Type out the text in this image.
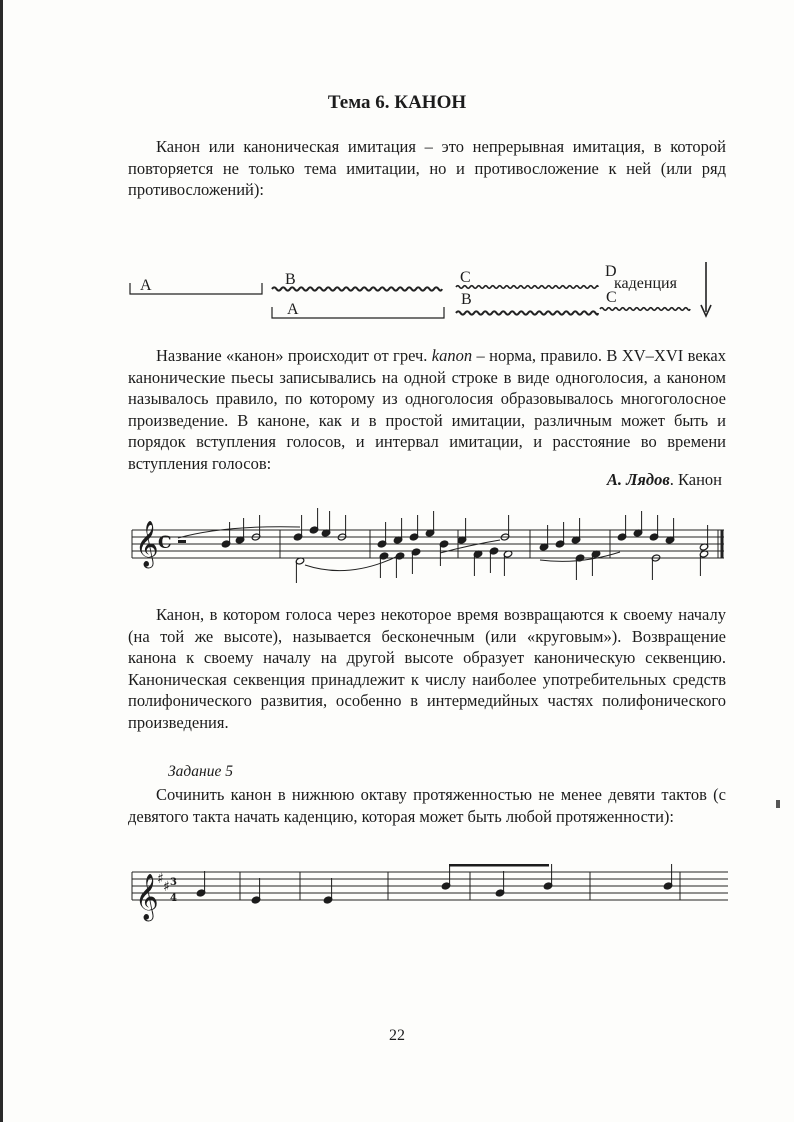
Тема 6. КАНОН

Канон или каноническая имитация – это непрерывная имитация, в которой повторяется не только тема имитации, но и противосложение к ней (или ряд противосложений):

A	B	C	D
каденция
A
B	C

Название «канон» происходит от греч. kanon – норма, правило. В XV–XVI веках канонические пьесы записывались на одной строке в виде одноголосия, а каноном называлось правило, по которому из одноголосия образовывалось многоголосное произведение. В каноне, как и в простой имитации, различным может быть и порядок вступления голосов, и интервал имитации, и расстояние во времени вступления голосов:

А. Лядов. Канон
𝄞 C

Канон, в котором голоса через некоторое время возвращаются к своему началу (на той же высоте), называется бесконечным (или «круговым»). Возвращение канона к своему началу на другой высоте образует каноническую секвенцию. Каноническая секвенция принадлежит к числу наиболее употребительных средств полифонического развития, особенно в интермедийных частях полифонического произведения.

Задание 5

Сочинить канон в нижнюю октаву протяженностью не менее девяти тактов (с девятого такта начать каденцию, которая может быть любой протяженности):

𝄞
♯ ♯ 3
4
22
